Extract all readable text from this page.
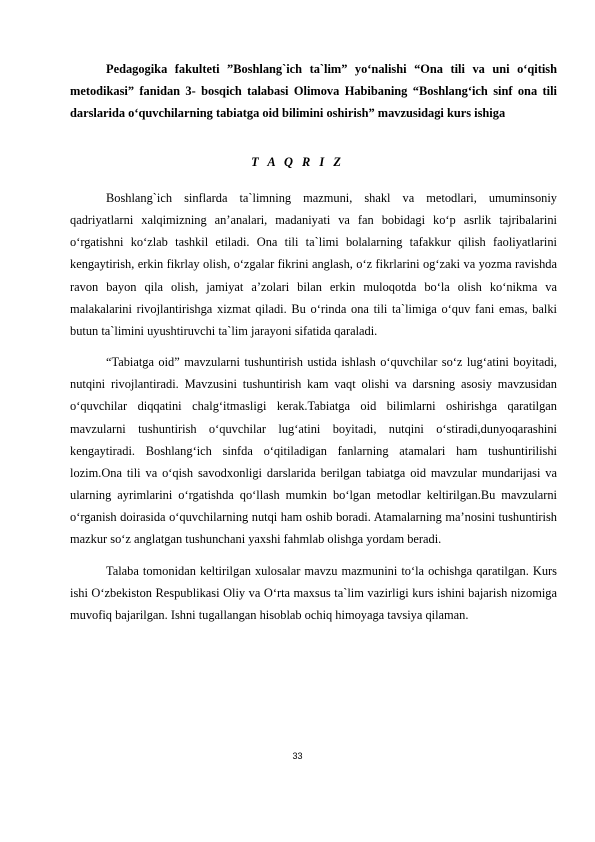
Pedagogika fakulteti ”Boshlang`ich ta`lim” yo‘nalishi “Ona tili va uni o‘qitish metodikasi” fanidan 3- bosqich talabasi Olimova Habibaning “Boshlang‘ich sinf ona tili darslarida o‘quvchilarning tabiatga oid bilimini oshirish” mavzusidagi kurs ishiga

T A Q R I Z

Boshlang`ich sinflarda ta`limning mazmuni, shakl va metodlari, umuminsoniy qadriyatlarni xalqimizning an’analari, madaniyati va fan bobidagi ko‘p asrlik tajribalarini o‘rgatishni ko‘zlab tashkil etiladi. Ona tili ta`limi bolalarning tafakkur qilish faoliyatlarini kengaytirish, erkin fikrlay olish, o‘zgalar fikrini anglash, o‘z fikrlarini og‘zaki va yozma ravishda ravon bayon qila olish, jamiyat a’zolari bilan erkin muloqotda bo‘la olish ko‘nikma va malakalarini rivojlantirishga xizmat qiladi. Bu o‘rinda ona tili ta`limiga o‘quv fani emas, balki butun ta`limini uyushtiruvchi ta`lim jarayoni sifatida qaraladi.

“Tabiatga oid” mavzularni tushuntirish ustida ishlash o‘quvchilar so‘z lug‘atini boyitadi, nutqini rivojlantiradi. Mavzusini tushuntirish kam vaqt olishi va darsning asosiy mavzusidan o‘quvchilar diqqatini chalg‘itmasligi kerak.Tabiatga oid bilimlarni oshirishga qaratilgan mavzularni tushuntirish o‘quvchilar lug‘atini boyitadi, nutqini o‘stiradi,dunyoqarashini kengaytiradi. Boshlang‘ich sinfda o‘qitiladigan fanlarning atamalari ham tushuntirilishi lozim.Ona tili va o‘qish savodxonligi darslarida berilgan tabiatga oid mavzular mundarijasi va ularning ayrimlarini o‘rgatishda qo‘llash mumkin bo‘lgan metodlar keltirilgan.Bu mavzularni o‘rganish doirasida o‘quvchilarning nutqi ham oshib boradi. Atamalarning ma’nosini tushuntirish mazkur so‘z anglatgan tushunchani yaxshi fahmlab olishga yordam beradi.

Talaba tomonidan keltirilgan xulosalar mavzu mazmunini to‘la ochishga qaratilgan. Kurs ishi O‘zbekiston Respublikasi Oliy va O‘rta maxsus ta`lim vazirligi kurs ishini bajarish nizomiga muvofiq bajarilgan. Ishni tugallangan hisoblab ochiq himoyaga tavsiya qilaman.

33
